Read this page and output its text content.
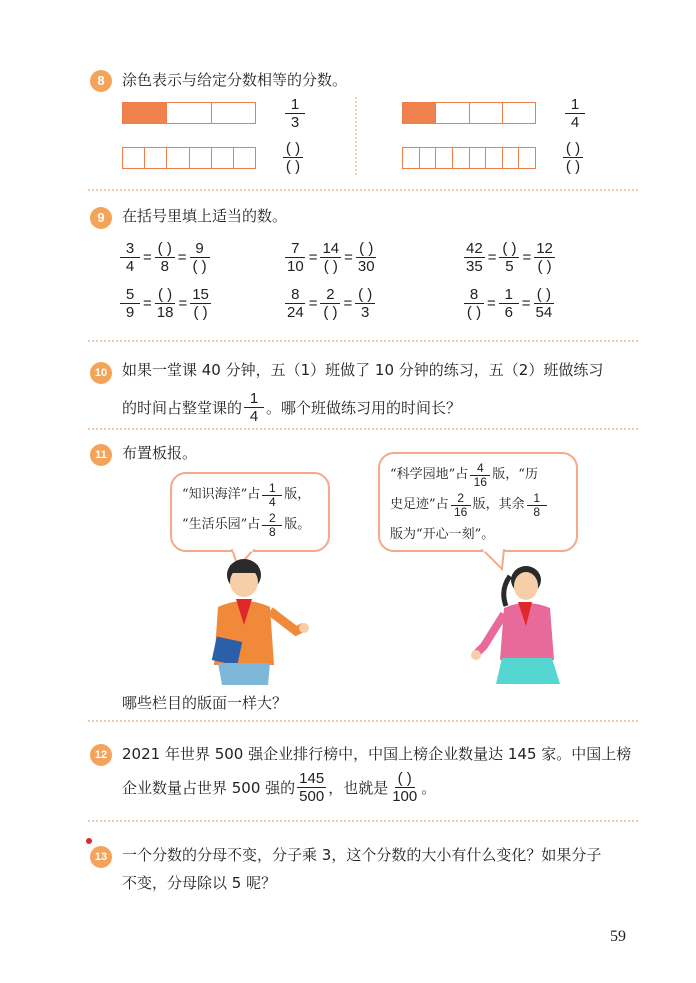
8	涂色表示与给定分数相等的分数。
$\frac{1}{3}$
$\frac{( )}{( )}$
$\frac{1}{4}$
$\frac{( )}{( )}$
9	在括号里填上适当的数。
$\frac{3}{4} = \frac{( )}{8} = \frac{9}{( )}$	$\frac{7}{10} = \frac{14}{( )} = \frac{( )}{30}$	$\frac{42}{35} = \frac{( )}{5} = \frac{12}{( )}$
$\frac{5}{9} = \frac{( )}{18} = \frac{15}{( )}$	$\frac{8}{24} = \frac{2}{( )} = \frac{( )}{3}$	$\frac{8}{( )} = \frac{1}{6} = \frac{( )}{54}$
10 如果一堂课 40 分钟，五（1）班做了 10 分钟的练习，五（2）班做练习
的时间占整堂课的 $\frac{1}{4}$ 。哪个班做练习用的时间长？
11	布置板报。
“知识海洋”占 $\frac{1}{4}$ 版，
“生活乐园”占 $\frac{2}{8}$ 版。
“科学园地”占 $\frac{4}{16}$ 版，“历
史足迹”占 $\frac{2}{16}$ 版，其余 $\frac{1}{8}$
版为“开心一刻”。
哪些栏目的版面一样大？
12 2021 年世界 500 强企业排行榜中，中国上榜企业数量达 145 家。中国上榜
企业数量占世界 500 强的 $\frac{145}{500}$ ，也就是 $\frac{( )}{100}$ 。
13 一个分数的分母不变，分子乘 3，这个分数的大小有什么变化？如果分子
不变，分母除以 5 呢？
59
